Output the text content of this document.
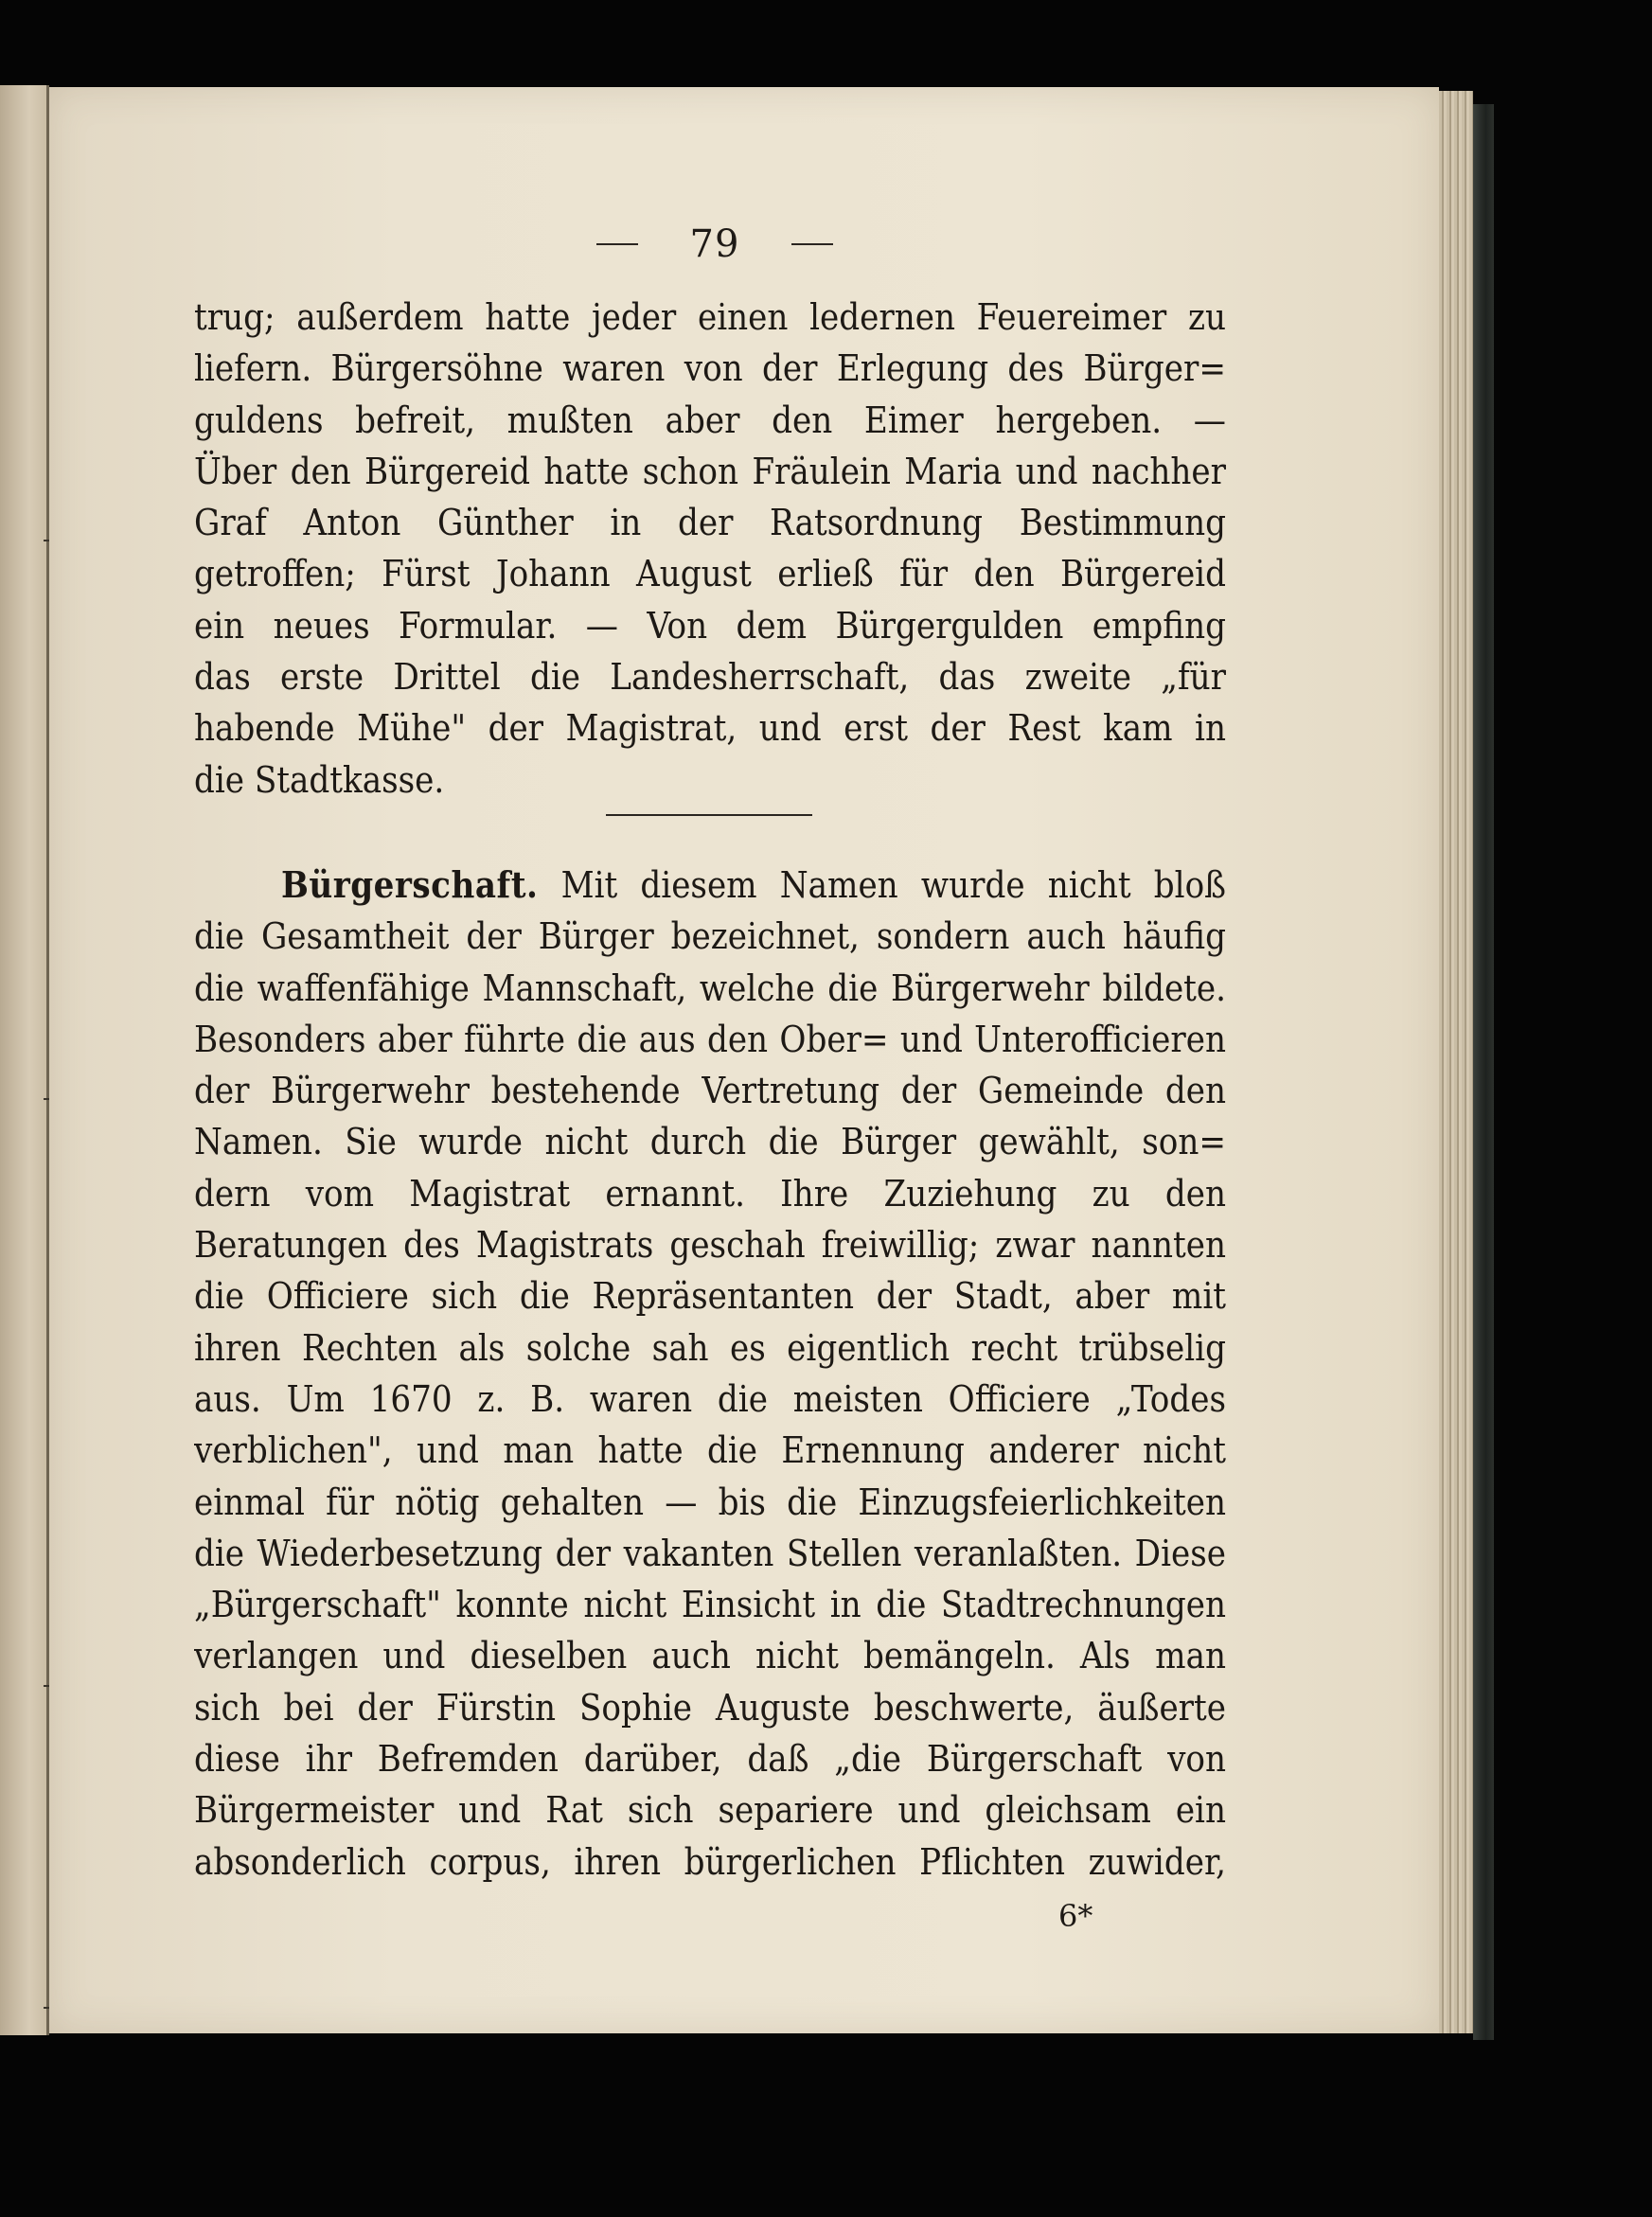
79
trug; außerdem hatte jeder einen ledernen Feuereimer zu
liefern. Bürgersöhne waren von der Erlegung des Bürger=
guldens befreit, mußten aber den Eimer hergeben. —
Über den Bürgereid hatte schon Fräulein Maria und nachher
Graf Anton Günther in der Ratsordnung Bestimmung
getroffen; Fürst Johann August erließ für den Bürgereid
ein neues Formular. — Von dem Bürgergulden empfing
das erste Drittel die Landesherrschaft, das zweite „für
habende Mühe" der Magistrat, und erst der Rest kam in
die Stadtkasse.
Bürgerschaft. Mit diesem Namen wurde nicht bloß
die Gesamtheit der Bürger bezeichnet, sondern auch häufig
die waffenfähige Mannschaft, welche die Bürgerwehr bildete.
Besonders aber führte die aus den Ober= und Unterofficieren
der Bürgerwehr bestehende Vertretung der Gemeinde den
Namen. Sie wurde nicht durch die Bürger gewählt, son=
dern vom Magistrat ernannt. Ihre Zuziehung zu den
Beratungen des Magistrats geschah freiwillig; zwar nannten
die Officiere sich die Repräsentanten der Stadt, aber mit
ihren Rechten als solche sah es eigentlich recht trübselig
aus. Um 1670 z. B. waren die meisten Officiere „Todes
verblichen", und man hatte die Ernennung anderer nicht
einmal für nötig gehalten — bis die Einzugsfeierlichkeiten
die Wiederbesetzung der vakanten Stellen veranlaßten. Diese
„Bürgerschaft" konnte nicht Einsicht in die Stadtrechnungen
verlangen und dieselben auch nicht bemängeln. Als man
sich bei der Fürstin Sophie Auguste beschwerte, äußerte
diese ihr Befremden darüber, daß „die Bürgerschaft von
Bürgermeister und Rat sich separiere und gleichsam ein
absonderlich corpus, ihren bürgerlichen Pflichten zuwider,
6*
